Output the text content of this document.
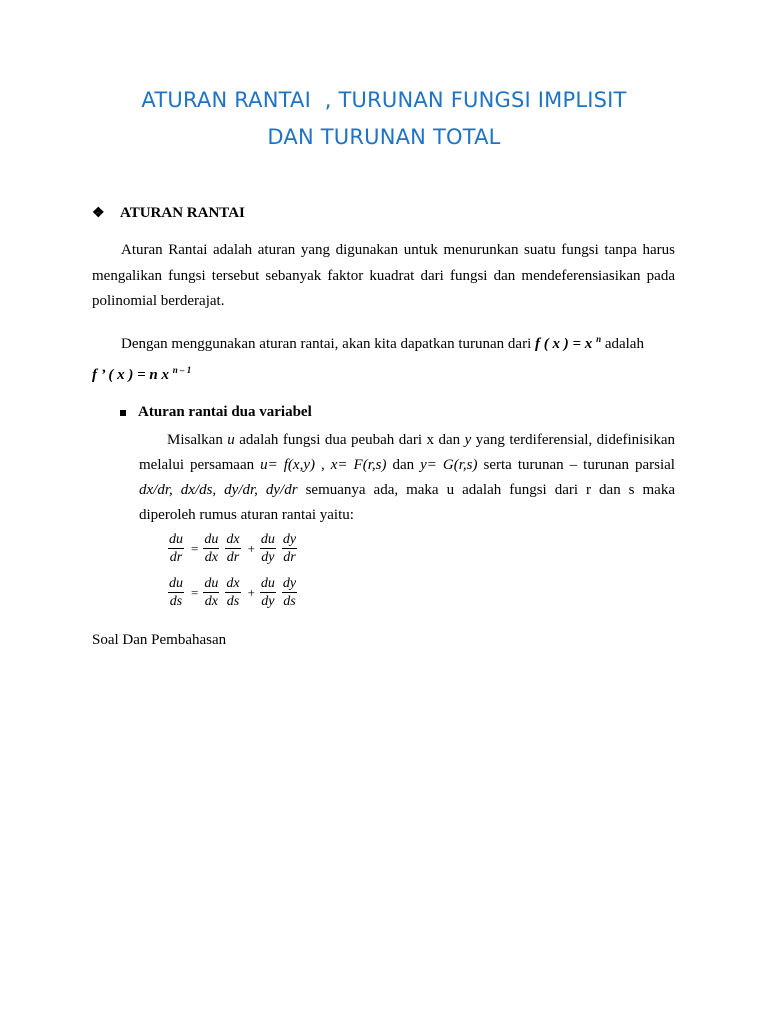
ATURAN RANTAI  , TURUNAN FUNGSI IMPLISIT
DAN TURUNAN TOTAL
❖	ATURAN RANTAI
Aturan Rantai adalah aturan yang digunakan untuk menurunkan suatu fungsi tanpa harus mengalikan fungsi tersebut sebanyak faktor kuadrat dari fungsi dan mendeferensiasikan pada polinomial berderajat.
Dengan menggunakan aturan rantai, akan kita dapatkan turunan dari f ( x ) = x $^n$ adalah
f ’ ( x ) = n x $^{n - 1}$
Aturan rantai dua variabel
Misalkan u adalah fungsi dua peubah dari x dan y yang terdiferensial, didefinisikan melalui persamaan u= f(x,y) , x= F(r,s) dan y= G(r,s) serta turunan – turunan parsial dx/dr, dx/ds, dy/dr, dy/dr semuanya ada, maka u adalah fungsi dari r dan s maka diperoleh rumus aturan rantai yaitu:
$\frac{du}{dr} = \frac{du}{dx} \frac{dx}{dr} + \frac{du}{dy} \frac{dy}{dr}$
$\frac{du}{ds} = \frac{du}{dx} \frac{dx}{ds} + \frac{du}{dy} \frac{dy}{ds}$
Soal Dan Pembahasan
